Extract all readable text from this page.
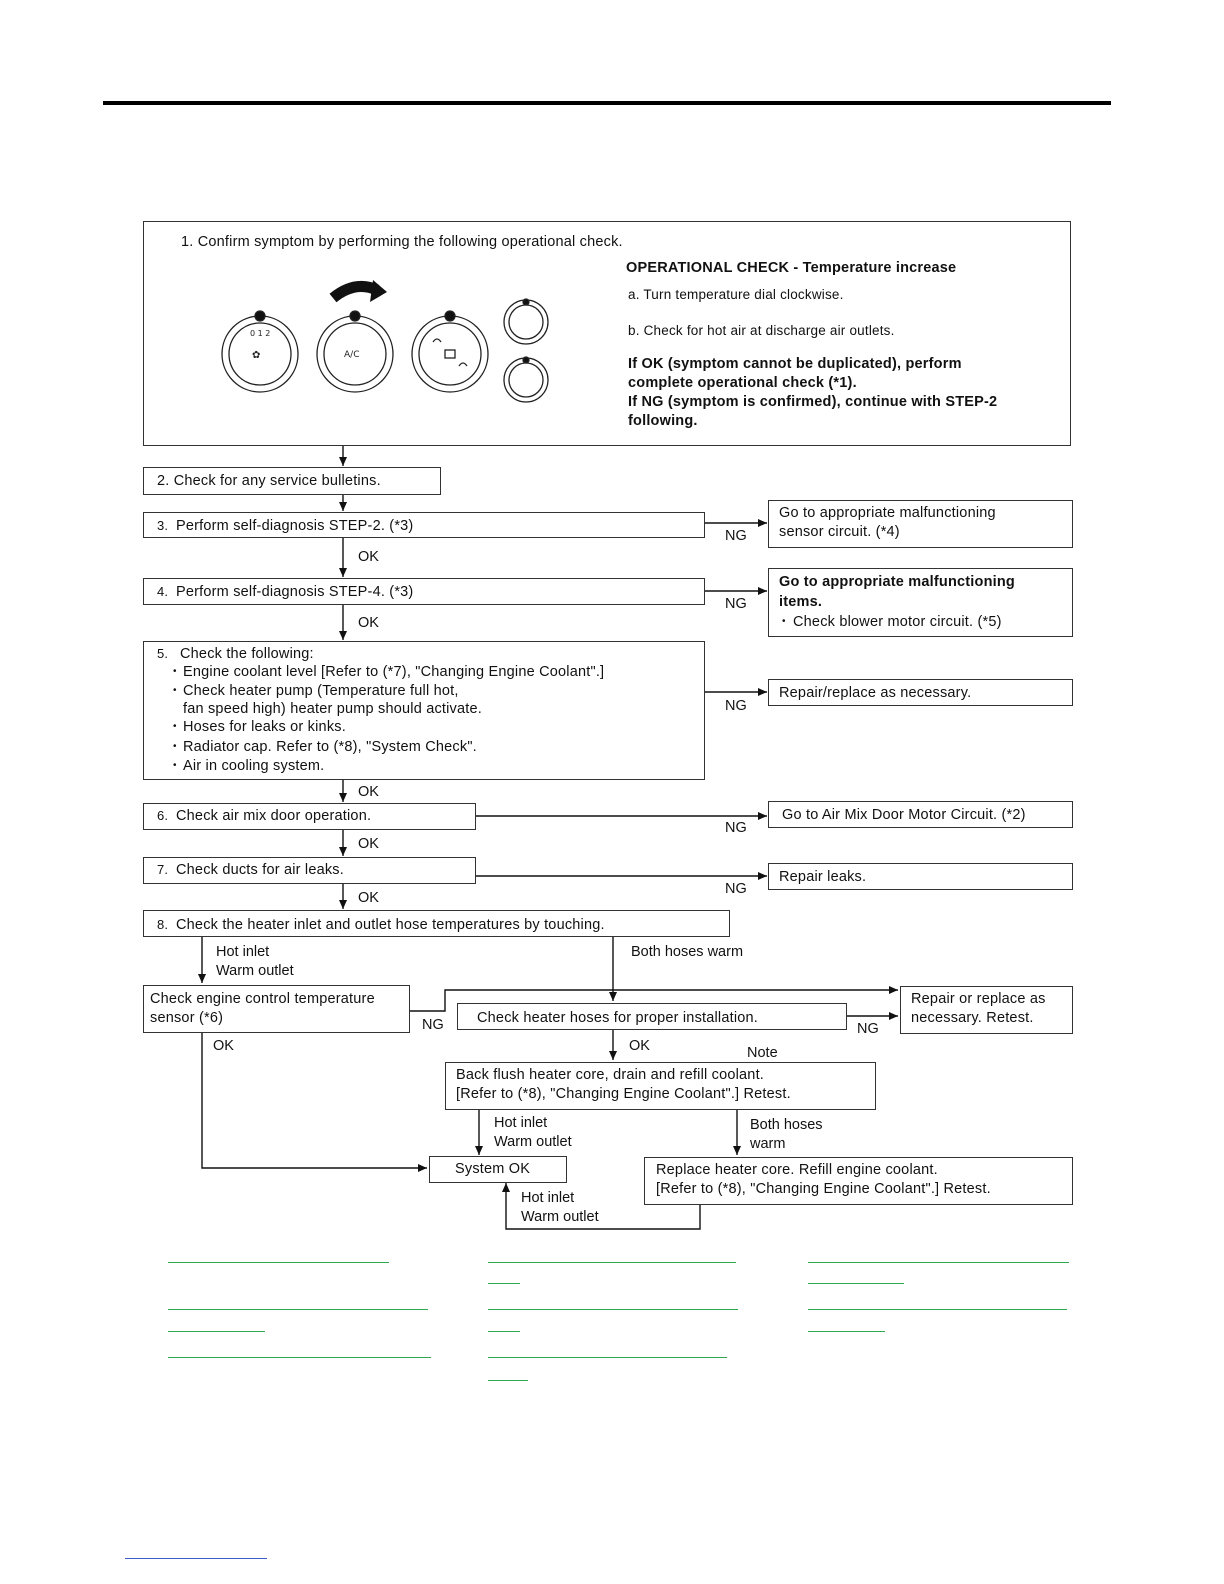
1. Confirm symptom by performing the following operational check.
OPERATIONAL CHECK - Temperature increase
a. Turn temperature dial clockwise.
b. Check for hot air at discharge air outlets.
If OK (symptom cannot be duplicated), perform
complete operational check (*1).
If NG (symptom is confirmed), continue with STEP-2
following.
0 1 2
✿	A/C
2. Check for any service bulletins.
3. Perform self-diagnosis STEP-2. (*3)
Go to appropriate malfunctioning
sensor circuit. (*4)
4. Perform self-diagnosis STEP-4. (*3)
Go to appropriate malfunctioning
items.
• Check blower motor circuit. (*5)
5. Check the following:
• Engine coolant level [Refer to (*7), "Changing Engine Coolant".]
• Check heater pump (Temperature full hot,
fan speed high) heater pump should activate.
• Hoses for leaks or kinks.
• Radiator cap. Refer to (*8), "System Check".
• Air in cooling system.
Repair/replace as necessary.
6. Check air mix door operation.	Go to Air Mix Door Motor Circuit. (*2)
7. Check ducts for air leaks.	Repair leaks.
8. Check the heater inlet and outlet hose temperatures by touching.
Hot inlet
Warm outlet
Both hoses warm
Check engine control temperature
sensor (*6)	Check heater hoses for proper installation.
Repair or replace as
necessary. Retest.
Back flush heater core, drain and refill coolant.
[Refer to (*8), "Changing Engine Coolant".] Retest.
Note
Hot inlet
Warm outlet
Both hoses
warm
System OK	Replace heater core. Refill engine coolant.
[Refer to (*8), "Changing Engine Coolant".] Retest.
Hot inlet
Warm outlet
OK
OK
OK
OK
OK
OK	OK
NG
NG
NG
NG
NG
NG	NG
